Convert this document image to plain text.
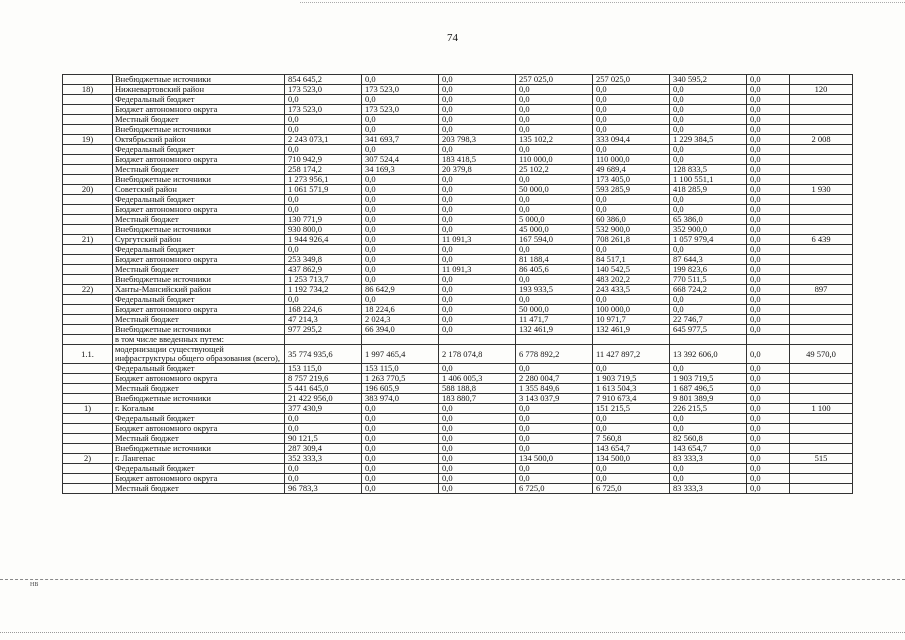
74
	Внебюджетные источники	854 645,2	0,0	0,0	257 025,0	257 025,0	340 595,2	0,0	
18)	Нижневартовский район	173 523,0	173 523,0	0,0	0,0	0,0	0,0	0,0	120
	Федеральный бюджет	0,0	0,0	0,0	0,0	0,0	0,0	0,0	
	Бюджет автономного округа	173 523,0	173 523,0	0,0	0,0	0,0	0,0	0,0	
	Местный бюджет	0,0	0,0	0,0	0,0	0,0	0,0	0,0	
	Внебюджетные источники	0,0	0,0	0,0	0,0	0,0	0,0	0,0	
19)	Октябрьский район	2 243 073,1	341 693,7	203 798,3	135 102,2	333 094,4	1 229 384,5	0,0	2 008
	Федеральный бюджет	0,0	0,0	0,0	0,0	0,0	0,0	0,0	
	Бюджет автономного округа	710 942,9	307 524,4	183 418,5	110 000,0	110 000,0	0,0	0,0	
	Местный бюджет	258 174,2	34 169,3	20 379,8	25 102,2	49 689,4	128 833,5	0,0	
	Внебюджетные источники	1 273 956,1	0,0	0,0	0,0	173 405,0	1 100 551,1	0,0	
20)	Советский район	1 061 571,9	0,0	0,0	50 000,0	593 285,9	418 285,9	0,0	1 930
	Федеральный бюджет	0,0	0,0	0,0	0,0	0,0	0,0	0,0	
	Бюджет автономного округа	0,0	0,0	0,0	0,0	0,0	0,0	0,0	
	Местный бюджет	130 771,9	0,0	0,0	5 000,0	60 386,0	65 386,0	0,0	
	Внебюджетные источники	930 800,0	0,0	0,0	45 000,0	532 900,0	352 900,0	0,0	
21)	Сургутский район	1 944 926,4	0,0	11 091,3	167 594,0	708 261,8	1 057 979,4	0,0	6 439
	Федеральный бюджет	0,0	0,0	0,0	0,0	0,0	0,0	0,0	
	Бюджет автономного округа	253 349,8	0,0	0,0	81 188,4	84 517,1	87 644,3	0,0	
	Местный бюджет	437 862,9	0,0	11 091,3	86 405,6	140 542,5	199 823,6	0,0	
	Внебюджетные источники	1 253 713,7	0,0	0,0	0,0	483 202,2	770 511,5	0,0	
22)	Ханты-Мансийский район	1 192 734,2	86 642,9	0,0	193 933,5	243 433,5	668 724,2	0,0	897
	Федеральный бюджет	0,0	0,0	0,0	0,0	0,0	0,0	0,0	
	Бюджет автономного округа	168 224,6	18 224,6	0,0	50 000,0	100 000,0	0,0	0,0	
	Местный бюджет	47 214,3	2 024,3	0,0	11 471,7	10 971,7	22 746,7	0,0	
	Внебюджетные источники	977 295,2	66 394,0	0,0	132 461,9	132 461,9	645 977,5	0,0	
	в том числе введенных путем:								
1.1.	модернизации существующей инфраструктуры общего образования (всего),	35 774 935,6	1 997 465,4	2 178 074,8	6 778 892,2	11 427 897,2	13 392 606,0	0,0	49 570,0
	Федеральный бюджет	153 115,0	153 115,0	0,0	0,0	0,0	0,0	0,0	
	Бюджет автономного округа	8 757 219,6	1 263 770,5	1 406 005,3	2 280 004,7	1 903 719,5	1 903 719,5	0,0	
	Местный бюджет	5 441 645,0	196 605,9	588 188,8	1 355 849,6	1 613 504,3	1 687 496,5	0,0	
	Внебюджетные источники	21 422 956,0	383 974,0	183 880,7	3 143 037,9	7 910 673,4	9 801 389,9	0,0	
1)	г. Когалым	377 430,9	0,0	0,0	0,0	151 215,5	226 215,5	0,0	1 100
	Федеральный бюджет	0,0	0,0	0,0	0,0	0,0	0,0	0,0	
	Бюджет автономного округа	0,0	0,0	0,0	0,0	0,0	0,0	0,0	
	Местный бюджет	90 121,5	0,0	0,0	0,0	7 560,8	82 560,8	0,0	
	Внебюджетные источники	287 309,4	0,0	0,0	0,0	143 654,7	143 654,7	0,0	
2)	г. Лангепас	352 333,3	0,0	0,0	134 500,0	134 500,0	83 333,3	0,0	515
	Федеральный бюджет	0,0	0,0	0,0	0,0	0,0	0,0	0,0	
	Бюджет автономного округа	0,0	0,0	0,0	0,0	0,0	0,0	0,0	
	Местный бюджет	96 783,3	0,0	0,0	6 725,0	6 725,0	83 333,3	0,0	
НВ
